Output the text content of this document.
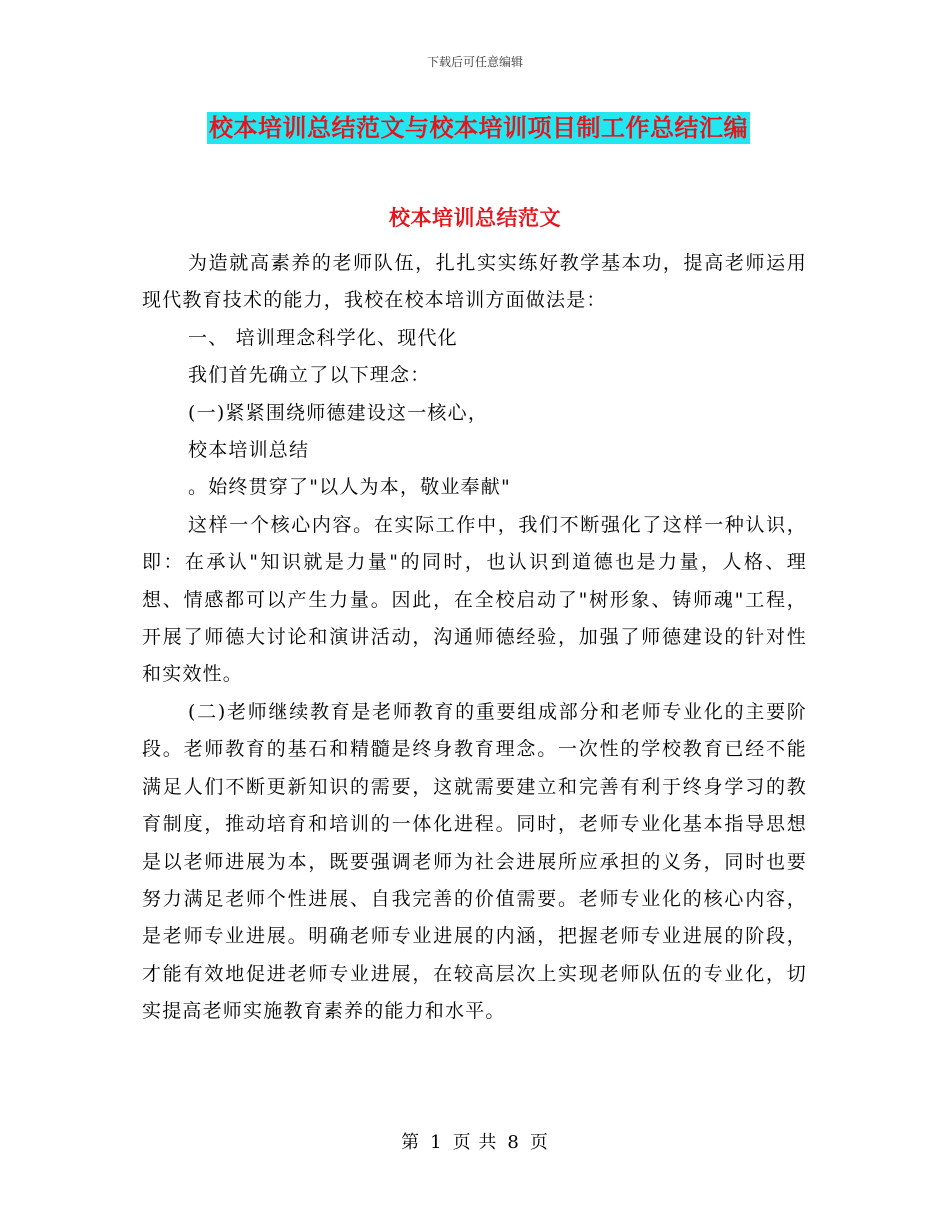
下载后可任意编辑
校本培训总结范文与校本培训项目制工作总结汇编
校本培训总结范文

为造就高素养的老师队伍，扎扎实实练好教学基本功，提高老师运用现代教育技术的能力，我校在校本培训方面做法是：

一、 培训理念科学化、现代化

我们首先确立了以下理念：

(一)紧紧围绕师德建设这一核心，

校本培训总结

。始终贯穿了"以人为本，敬业奉献"

这样一个核心内容。在实际工作中，我们不断强化了这样一种认识，即：在承认"知识就是力量"的同时，也认识到道德也是力量，人格、理想、情感都可以产生力量。因此，在全校启动了"树形象、铸师魂"工程，开展了师德大讨论和演讲活动，沟通师德经验，加强了师德建设的针对性和实效性。

(二)老师继续教育是老师教育的重要组成部分和老师专业化的主要阶段。老师教育的基石和精髓是终身教育理念。一次性的学校教育已经不能满足人们不断更新知识的需要，这就需要建立和完善有利于终身学习的教育制度，推动培育和培训的一体化进程。同时，老师专业化基本指导思想是以老师进展为本，既要强调老师为社会进展所应承担的义务，同时也要努力满足老师个性进展、自我完善的价值需要。老师专业化的核心内容，是老师专业进展。明确老师专业进展的内涵，把握老师专业进展的阶段，才能有效地促进老师专业进展，在较高层次上实现老师队伍的专业化，切实提高老师实施教育素养的能力和水平。

第 1 页 共 8 页
